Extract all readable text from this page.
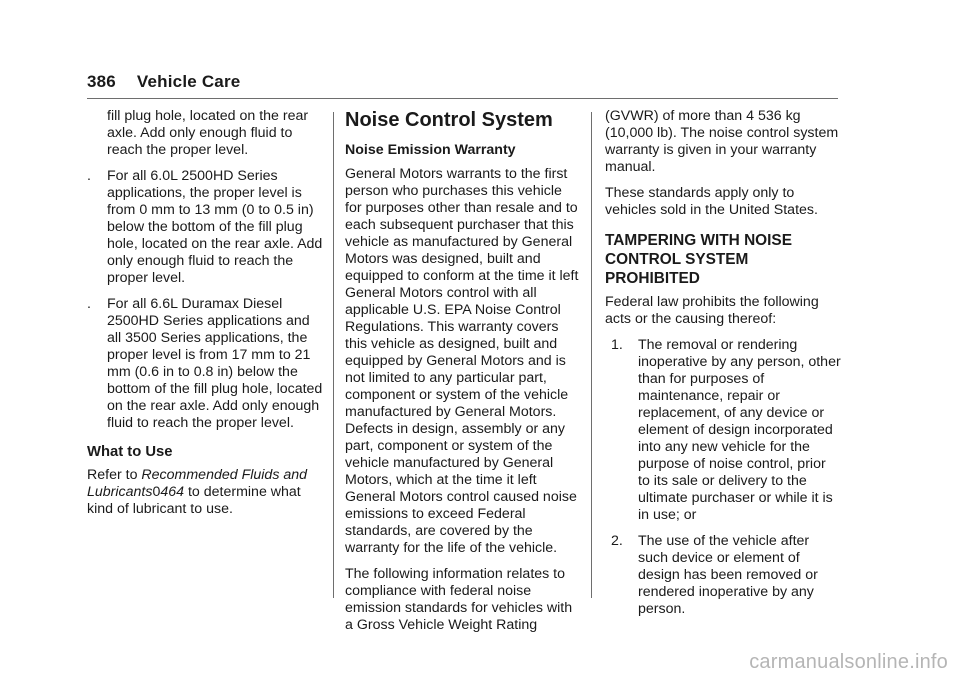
386 Vehicle Care

fill plug hole, located on the rear axle. Add only enough fluid to reach the proper level.

. For all 6.0L 2500HD Series applications, the proper level is from 0 mm to 13 mm (0 to 0.5 in) below the bottom of the fill plug hole, located on the rear axle. Add only enough fluid to reach the proper level.
. For all 6.6L Duramax Diesel 2500HD Series applications and all 3500 Series applications, the proper level is from 17 mm to 21 mm (0.6 in to 0.8 in) below the bottom of the fill plug hole, located on the rear axle. Add only enough fluid to reach the proper level.
What to Use

Refer to Recommended Fluids and Lubricants0464 to determine what kind of lubricant to use.

Noise Control System
Noise Emission Warranty

General Motors warrants to the first person who purchases this vehicle for purposes other than resale and to each subsequent purchaser that this vehicle as manufactured by General Motors was designed, built and equipped to conform at the time it left General Motors control with all applicable U.S. EPA Noise Control Regulations. This warranty covers this vehicle as designed, built and equipped by General Motors and is not limited to any particular part, component or system of the vehicle manufactured by General Motors. Defects in design, assembly or any part, component or system of the vehicle manufactured by General Motors, which at the time it left General Motors control caused noise emissions to exceed Federal standards, are covered by the warranty for the life of the vehicle.

The following information relates to compliance with federal noise emission standards for vehicles with a Gross Vehicle Weight Rating

(GVWR) of more than 4 536 kg (10,000 lb). The noise control system warranty is given in your warranty manual.

These standards apply only to vehicles sold in the United States.

TAMPERING WITH NOISE CONTROL SYSTEM PROHIBITED

Federal law prohibits the following acts or the causing thereof:

1. The removal or rendering inoperative by any person, other than for purposes of maintenance, repair or replacement, of any device or element of design incorporated into any new vehicle for the purpose of noise control, prior to its sale or delivery to the ultimate purchaser or while it is in use; or
2. The use of the vehicle after such device or element of design has been removed or rendered inoperative by any person.
carmanualsonline.info
